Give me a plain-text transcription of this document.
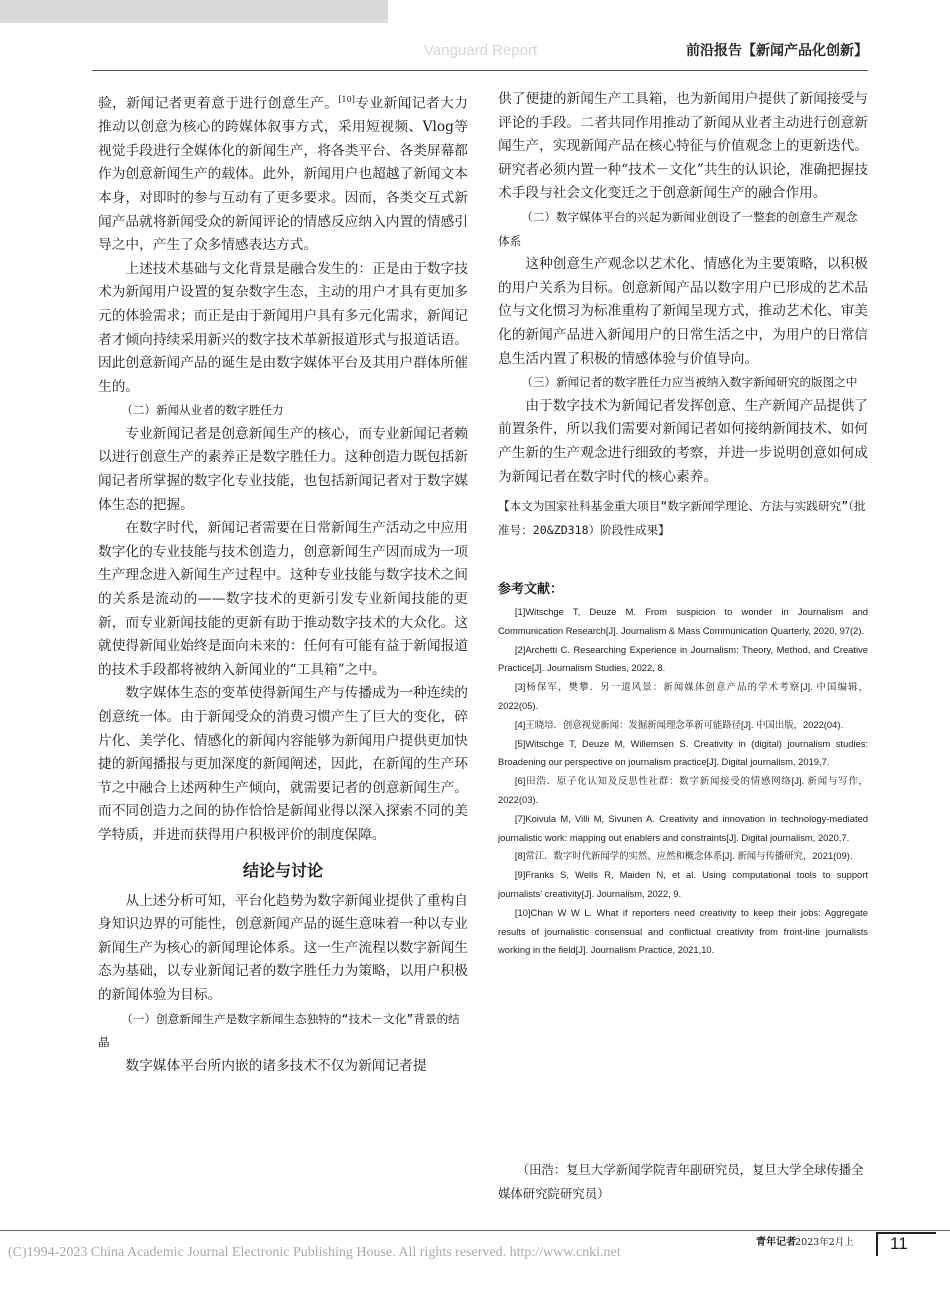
Vanguard Report	前沿报告【新闻产品化创新】

验，新闻记者更着意于进行创意生产。[10]专业新闻记者大力推动以创意为核心的跨媒体叙事方式，采用短视频、Vlog等视觉手段进行全媒体化的新闻生产，将各类平台、各类屏幕都作为创意新闻生产的载体。此外，新闻用户也超越了新闻文本本身，对即时的参与互动有了更多要求。因而，各类交互式新闻产品就将新闻受众的新闻评论的情感反应纳入内置的情感引导之中，产生了众多情感表达方式。

上述技术基础与文化背景是融合发生的：正是由于数字技术为新闻用户设置的复杂数字生态，主动的用户才具有更加多元的体验需求；而正是由于新闻用户具有多元化需求，新闻记者才倾向持续采用新兴的数字技术革新报道形式与报道话语。因此创意新闻产品的诞生是由数字媒体平台及其用户群体所催生的。

（二）新闻从业者的数字胜任力

专业新闻记者是创意新闻生产的核心，而专业新闻记者赖以进行创意生产的素养正是数字胜任力。这种创造力既包括新闻记者所掌握的数字化专业技能，也包括新闻记者对于数字媒体生态的把握。

在数字时代，新闻记者需要在日常新闻生产活动之中应用数字化的专业技能与技术创造力，创意新闻生产因而成为一项生产理念进入新闻生产过程中。这种专业技能与数字技术之间的关系是流动的——数字技术的更新引发专业新闻技能的更新，而专业新闻技能的更新有助于推动数字技术的大众化。这就使得新闻业始终是面向未来的：任何有可能有益于新闻报道的技术手段都将被纳入新闻业的“工具箱”之中。

数字媒体生态的变革使得新闻生产与传播成为一种连续的创意统一体。由于新闻受众的消费习惯产生了巨大的变化，碎片化、美学化、情感化的新闻内容能够为新闻用户提供更加快捷的新闻播报与更加深度的新闻阐述，因此，在新闻的生产环节之中融合上述两种生产倾向，就需要记者的创意新闻生产。而不同创造力之间的协作恰恰是新闻业得以深入探索不同的美学特质，并进而获得用户积极评价的制度保障。

结论与讨论

从上述分析可知，平台化趋势为数字新闻业提供了重构自身知识边界的可能性，创意新闻产品的诞生意味着一种以专业新闻生产为核心的新闻理论体系。这一生产流程以数字新闻生态为基础，以专业新闻记者的数字胜任力为策略，以用户积极的新闻体验为目标。

（一）创意新闻生产是数字新闻生态独特的“技术－文化”背景的结晶

数字媒体平台所内嵌的诸多技术不仅为新闻记者提

供了便捷的新闻生产工具箱，也为新闻用户提供了新闻接受与评论的手段。二者共同作用推动了新闻从业者主动进行创意新闻生产，实现新闻产品在核心特征与价值观念上的更新迭代。研究者必须内置一种“技术－文化”共生的认识论，准确把握技术手段与社会文化变迁之于创意新闻生产的融合作用。

（二）数字媒体平台的兴起为新闻业创设了一整套的创意生产观念体系

这种创意生产观念以艺术化、情感化为主要策略，以积极的用户关系为目标。创意新闻产品以数字用户已形成的艺术品位与文化惯习为标准重构了新闻呈现方式，推动艺术化、审美化的新闻产品进入新闻用户的日常生活之中，为用户的日常信息生活内置了积极的情感体验与价值导向。

（三）新闻记者的数字胜任力应当被纳入数字新闻研究的版图之中

由于数字技术为新闻记者发挥创意、生产新闻产品提供了前置条件，所以我们需要对新闻记者如何接纳新闻技术、如何产生新的生产观念进行细致的考察，并进一步说明创意如何成为新闻记者在数字时代的核心素养。

【本文为国家社科基金重大项目“数字新闻学理论、方法与实践研究”（批准号：20&ZD318）阶段性成果】

参考文献：

[1]Witschge T, Deuze M. From suspicion to wonder in Journalism and Communication Research[J]. Journalism & Mass Communication Quarterly, 2020, 97(2).

[2]Archetti C. Researching Experience in Journalism: Theory, Method, and Creative Practice[J]. Journalism Studies, 2022, 8.

[3]杨保军，樊攀．另一道风景：新闻媒体创意产品的学术考察[J]. 中国编辑，2022(05).

[4]王晓培．创意视觉新闻：发掘新闻理念革新可能路径[J]. 中国出版，2022(04).

[5]Witschge T, Deuze M, Willemsen S. Creativity in (digital) journalism studies: Broadening our perspective on journalism practice[J]. Digital journalism, 2019,7.

[6]田浩．原子化认知及反思性社群：数字新闻接受的情感网络[J]. 新闻与写作，2022(03).

[7]Koivula M, Villi M, Sivunen A. Creativity and innovation in technology-mediated journalistic work: mapping out enablers and constraints[J]. Digital journalism, 2020,7.

[8]常江．数字时代新闻学的实然、应然和概念体系[J]. 新闻与传播研究，2021(09).

[9]Franks S, Wells R, Maiden N, et al. Using computational tools to support journalists' creativity[J]. Journalism, 2022, 9.

[10]Chan W W L. What if reporters need creativity to keep their jobs: Aggregate results of journalistic consensual and conflictual creativity from front-line journalists working in the field[J]. Journalism Practice, 2021,10.

（田浩：复旦大学新闻学院青年副研究员，复旦大学全球传播全媒体研究院研究员）
青年记者
·2023年2月上 11
(C)1994-2023 China Academic Journal Electronic Publishing House. All rights reserved. http://www.cnki.net
